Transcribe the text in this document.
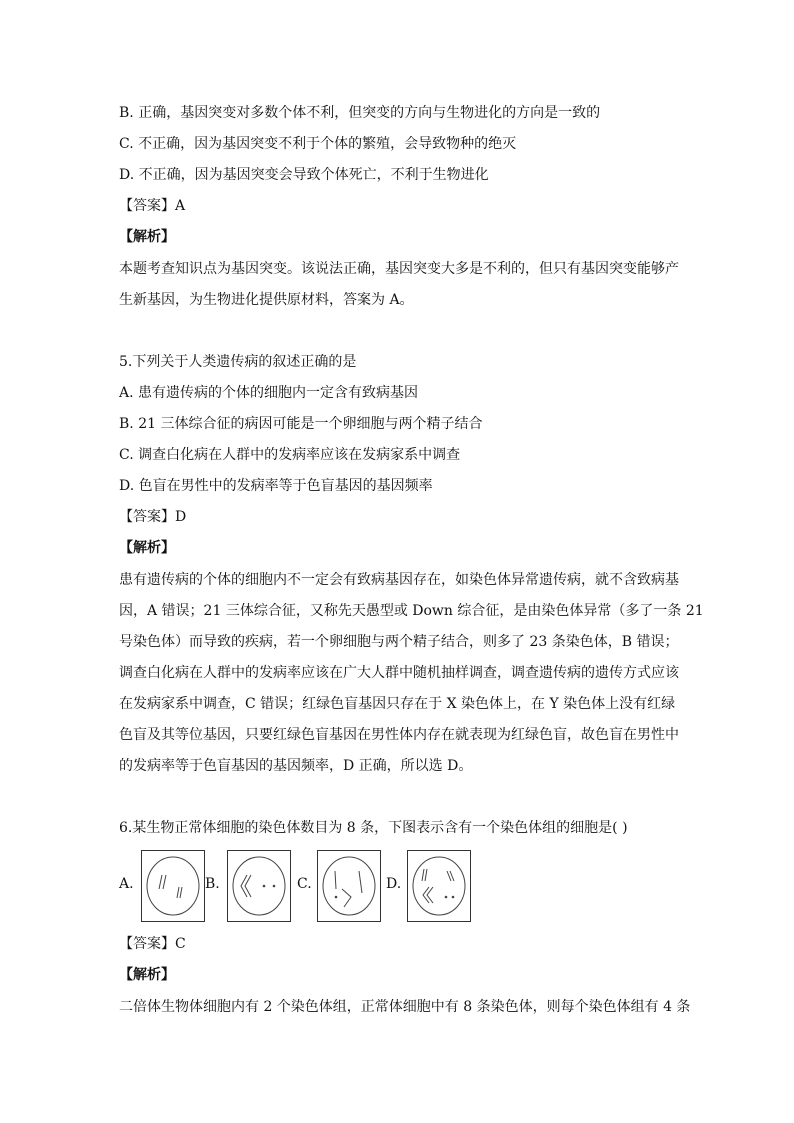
B. 正确，基因突变对多数个体不利，但突变的方向与生物进化的方向是一致的
C. 不正确，因为基因突变不利于个体的繁殖，会导致物种的绝灭
D. 不正确，因为基因突变会导致个体死亡，不利于生物进化
【答案】A
【解析】
本题考查知识点为基因突变。该说法正确，基因突变大多是不利的，但只有基因突变能够产
生新基因，为生物进化提供原材料，答案为 A。
5.下列关于人类遗传病的叙述正确的是
A. 患有遗传病的个体的细胞内一定含有致病基因
B. 21 三体综合征的病因可能是一个卵细胞与两个精子结合
C. 调查白化病在人群中的发病率应该在发病家系中调查
D. 色盲在男性中的发病率等于色盲基因的基因频率
【答案】D
【解析】
患有遗传病的个体的细胞内不一定会有致病基因存在，如染色体异常遗传病，就不含致病基
因，A 错误；21 三体综合征，又称先天愚型或 Down 综合征，是由染色体异常（多了一条 21
号染色体）而导致的疾病，若一个卵细胞与两个精子结合，则多了 23 条染色体，B 错误；
调查白化病在人群中的发病率应该在广大人群中随机抽样调查，调查遗传病的遗传方式应该
在发病家系中调查，C 错误；红绿色盲基因只存在于 X 染色体上，在 Y 染色体上没有红绿
色盲及其等位基因，只要红绿色盲基因在男性体内存在就表现为红绿色盲，故色盲在男性中
的发病率等于色盲基因的基因频率，D 正确，所以选 D。
6.某生物正常体细胞的染色体数目为 8 条，下图表示含有一个染色体组的细胞是( )
A.	B.	C.	D.
【答案】C
【解析】
二倍体生物体细胞内有 2 个染色体组，正常体细胞中有 8 条染色体，则每个染色体组有 4 条
